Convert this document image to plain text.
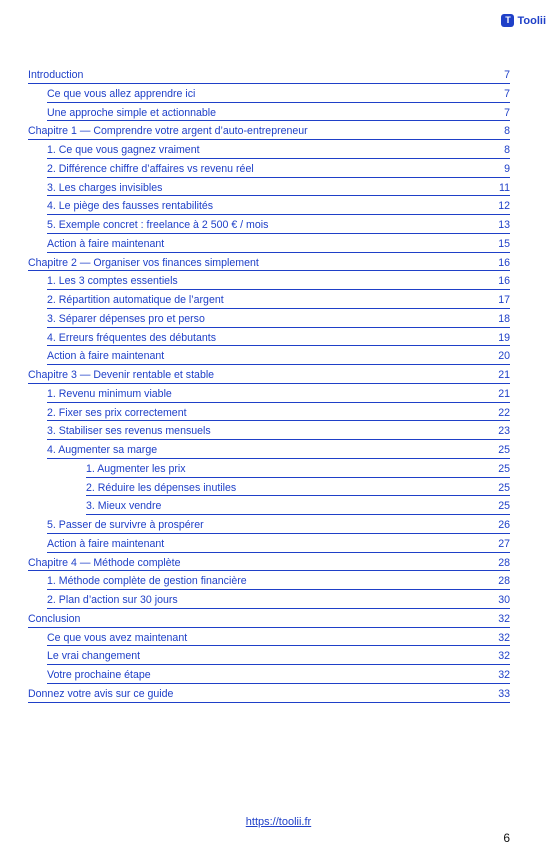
T Toolii
Introduction	7
Ce que vous allez apprendre ici	7
Une approche simple et actionnable	7
Chapitre 1 — Comprendre votre argent d’auto-entrepreneur	8
1. Ce que vous gagnez vraiment	8
2. Différence chiffre d’affaires vs revenu réel	9
3. Les charges invisibles	11
4. Le piège des fausses rentabilités	12
5. Exemple concret : freelance à 2 500 € / mois	13
Action à faire maintenant	15
Chapitre 2 — Organiser vos finances simplement	16
1. Les 3 comptes essentiels	16
2. Répartition automatique de l’argent	17
3. Séparer dépenses pro et perso	18
4. Erreurs fréquentes des débutants	19
Action à faire maintenant	20
Chapitre 3 — Devenir rentable et stable	21
1. Revenu minimum viable	21
2. Fixer ses prix correctement	22
3. Stabiliser ses revenus mensuels	23
4. Augmenter sa marge	25
1. Augmenter les prix	25
2. Réduire les dépenses inutiles	25
3. Mieux vendre	25
5. Passer de survivre à prospérer	26
Action à faire maintenant	27
Chapitre 4 — Méthode complète	28
1. Méthode complète de gestion financière	28
2. Plan d’action sur 30 jours	30
Conclusion	32
Ce que vous avez maintenant	32
Le vrai changement	32
Votre prochaine étape	32
Donnez votre avis sur ce guide	33
https://toolii.fr
6
